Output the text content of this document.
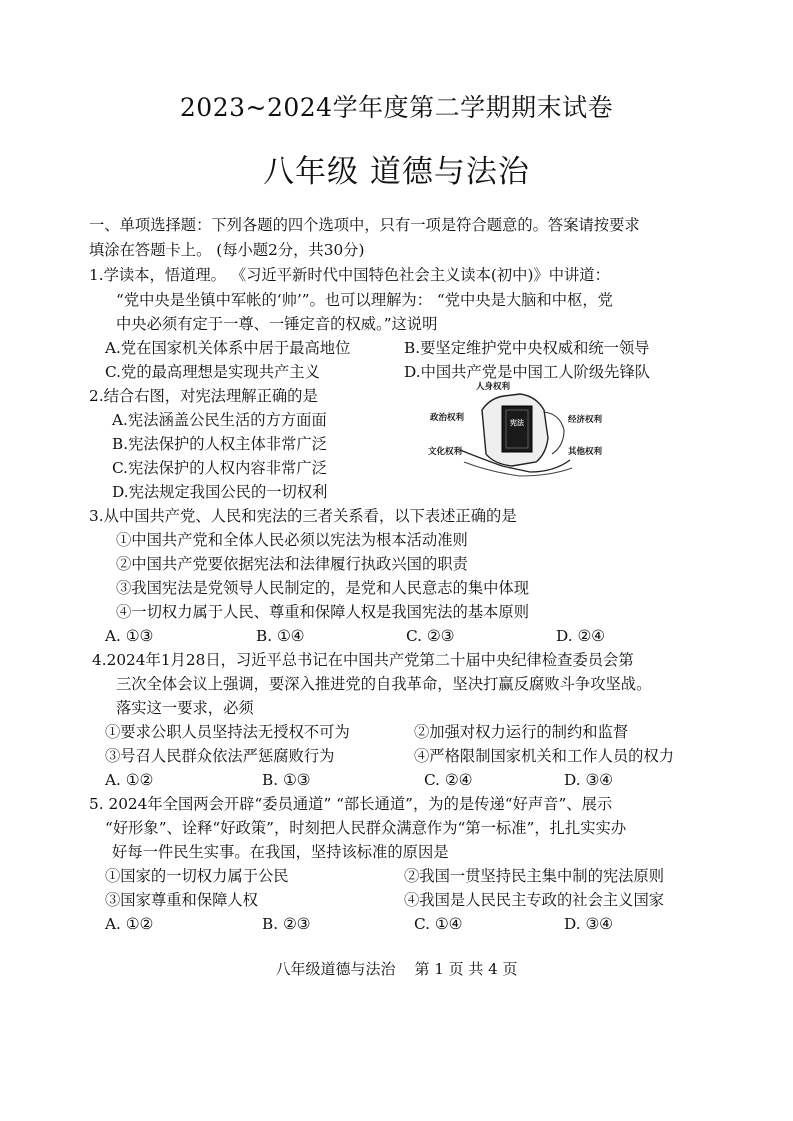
2023~2024学年度第二学期期末试卷
八年级 道德与法治
一、单项选择题：下列各题的四个选项中，只有一项是符合题意的。答案请按要求
填涂在答题卡上。 (每小题2分，共30分)
1.学读本，悟道理。 《习近平新时代中国特色社会主义读本(初中)》中讲道：
“党中央是坐镇中军帐的‘帅’”。也可以理解为： “党中央是大脑和中枢，党
中央必须有定于一尊、一锤定音的权威。”这说明
A.党在国家机关体系中居于最高地位	B.要坚定维护党中央权威和统一领导
C.党的最高理想是实现共产主义	D.中国共产党是中国工人阶级先锋队
2.结合右图，对宪法理解正确的是
A.宪法涵盖公民生活的方方面面
B.宪法保护的人权主体非常广泛
C.宪法保护的人权内容非常广泛
D.宪法规定我国公民的一切权利
宪法
人身权利
政治权利
文化权利
经济权利
其他权利
3.从中国共产党、人民和宪法的三者关系看，以下表述正确的是
①中国共产党和全体人民必须以宪法为根本活动准则
②中国共产党要依据宪法和法律履行执政兴国的职责
③我国宪法是党领导人民制定的，是党和人民意志的集中体现
④一切权力属于人民、尊重和保障人权是我国宪法的基本原则
A. ①③	B. ①④	C. ②③	D. ②④
4.2024年1月28日，习近平总书记在中国共产党第二十届中央纪律检查委员会第
三次全体会议上强调，要深入推进党的自我革命，坚决打赢反腐败斗争攻坚战。
落实这一要求，必须
①要求公职人员坚持法无授权不可为	②加强对权力运行的制约和监督
③号召人民群众依法严惩腐败行为	④严格限制国家机关和工作人员的权力
A. ①②	B. ①③	C. ②④	D. ③④
5. 2024年全国两会开辟“委员通道” “部长通道”，为的是传递“好声音”、展示
“好形象”、诠释“好政策”，时刻把人民群众满意作为“第一标准”，扎扎实实办
好每一件民生实事。在我国，坚持该标准的原因是
①国家的一切权力属于公民	②我国一贯坚持民主集中制的宪法原则
③国家尊重和保障人权	④我国是人民民主专政的社会主义国家
A. ①②	B. ②③	C. ①④	D. ③④
八年级道德与法治    第 1 页 共 4 页
